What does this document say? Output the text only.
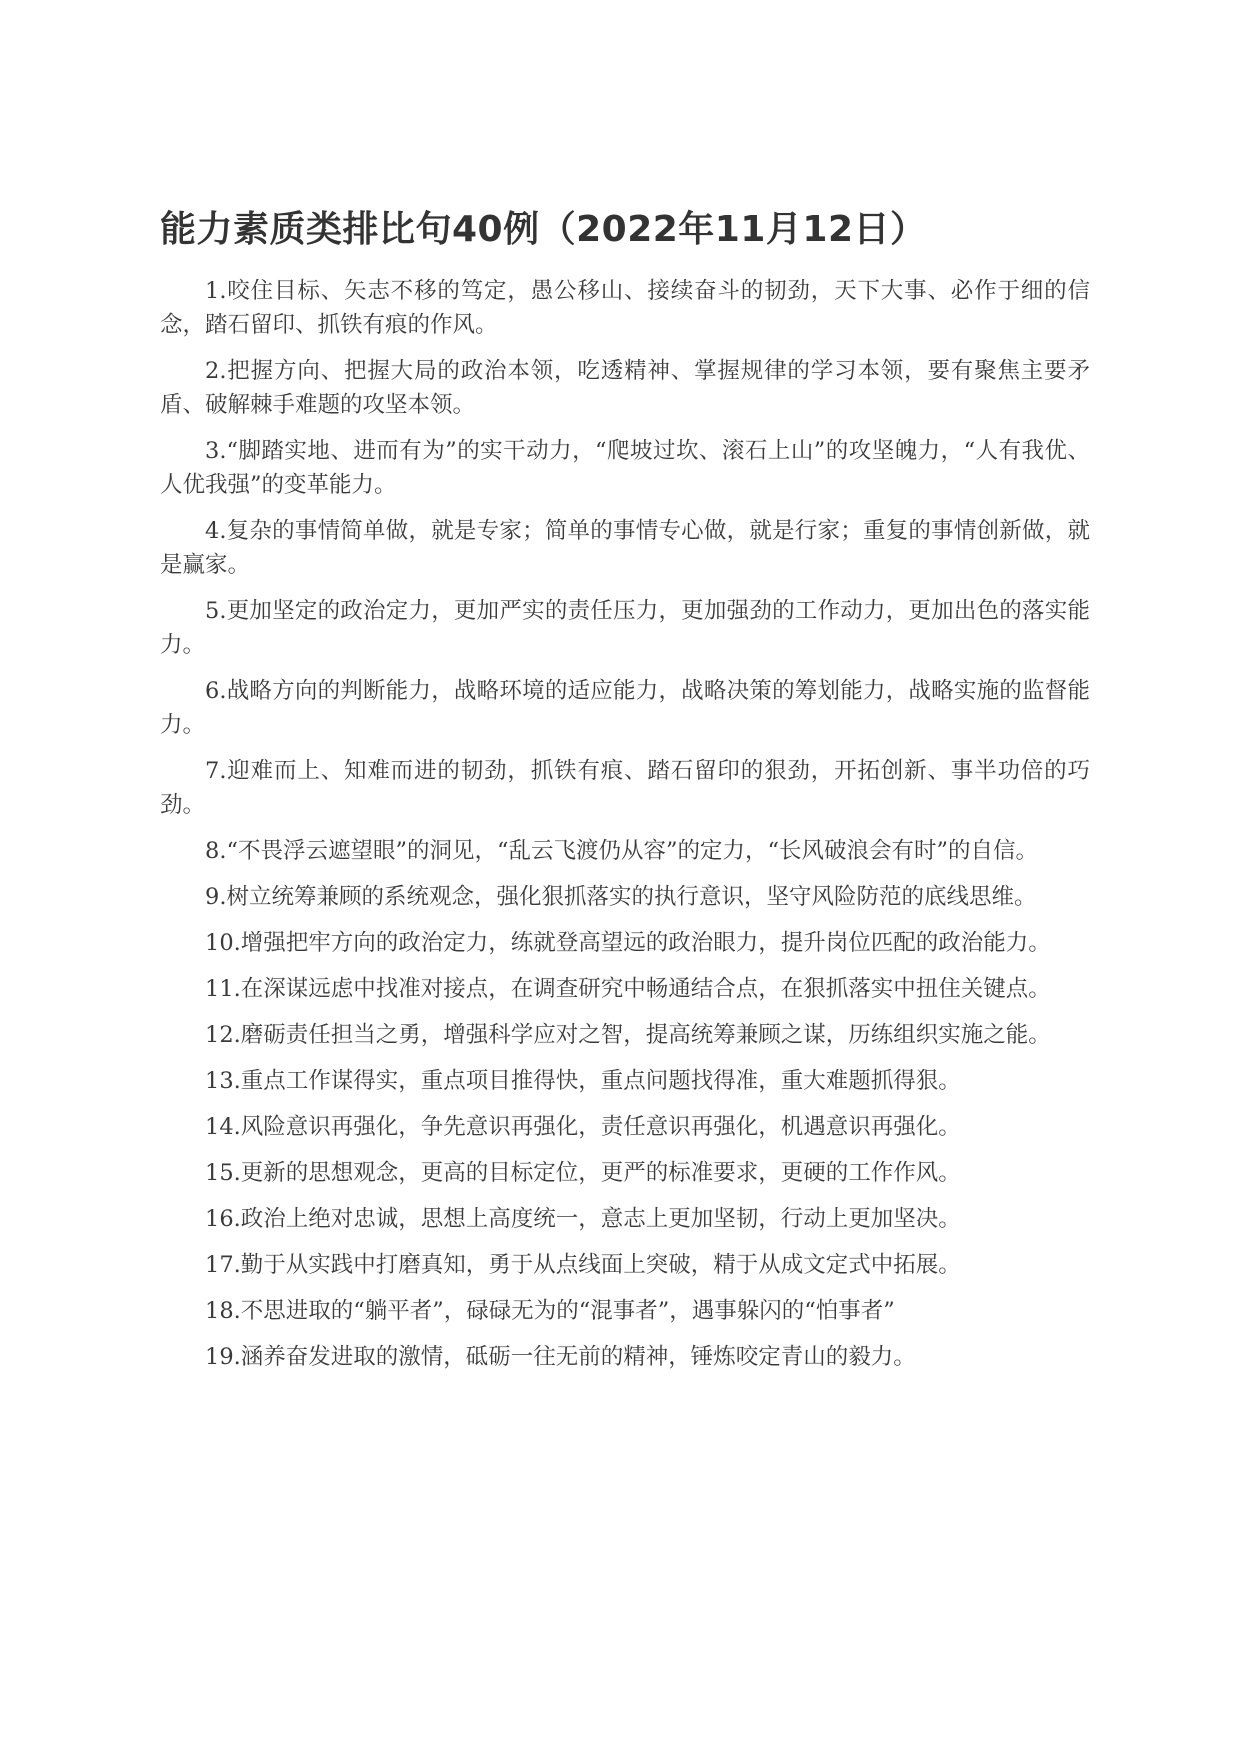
能力素质类排比句40例（2022年11月12日）

1.咬住目标、矢志不移的笃定，愚公移山、接续奋斗的韧劲，天下大事、必作于细的信念，踏石留印、抓铁有痕的作风。

2.把握方向、把握大局的政治本领，吃透精神、掌握规律的学习本领，要有聚焦主要矛盾、破解棘手难题的攻坚本领。

3.“脚踏实地、进而有为”的实干动力，“爬坡过坎、滚石上山”的攻坚魄力，“人有我优、人优我强”的变革能力。

4.复杂的事情简单做，就是专家；简单的事情专心做，就是行家；重复的事情创新做，就是赢家。

5.更加坚定的政治定力，更加严实的责任压力，更加强劲的工作动力，更加出色的落实能力。

6.战略方向的判断能力，战略环境的适应能力，战略决策的筹划能力，战略实施的监督能力。

7.迎难而上、知难而进的韧劲，抓铁有痕、踏石留印的狠劲，开拓创新、事半功倍的巧劲。

8.“不畏浮云遮望眼”的洞见，“乱云飞渡仍从容”的定力，“长风破浪会有时”的自信。

9.树立统筹兼顾的系统观念，强化狠抓落实的执行意识，坚守风险防范的底线思维。

10.增强把牢方向的政治定力，练就登高望远的政治眼力，提升岗位匹配的政治能力。

11.在深谋远虑中找准对接点，在调查研究中畅通结合点，在狠抓落实中扭住关键点。

12.磨砺责任担当之勇，增强科学应对之智，提高统筹兼顾之谋，历练组织实施之能。

13.重点工作谋得实，重点项目推得快，重点问题找得准，重大难题抓得狠。

14.风险意识再强化，争先意识再强化，责任意识再强化，机遇意识再强化。

15.更新的思想观念，更高的目标定位，更严的标准要求，更硬的工作作风。

16.政治上绝对忠诚，思想上高度统一，意志上更加坚韧，行动上更加坚决。

17.勤于从实践中打磨真知，勇于从点线面上突破，精于从成文定式中拓展。

18.不思进取的“躺平者”，碌碌无为的“混事者”，遇事躲闪的“怕事者”

19.涵养奋发进取的激情，砥砺一往无前的精神，锤炼咬定青山的毅力。
